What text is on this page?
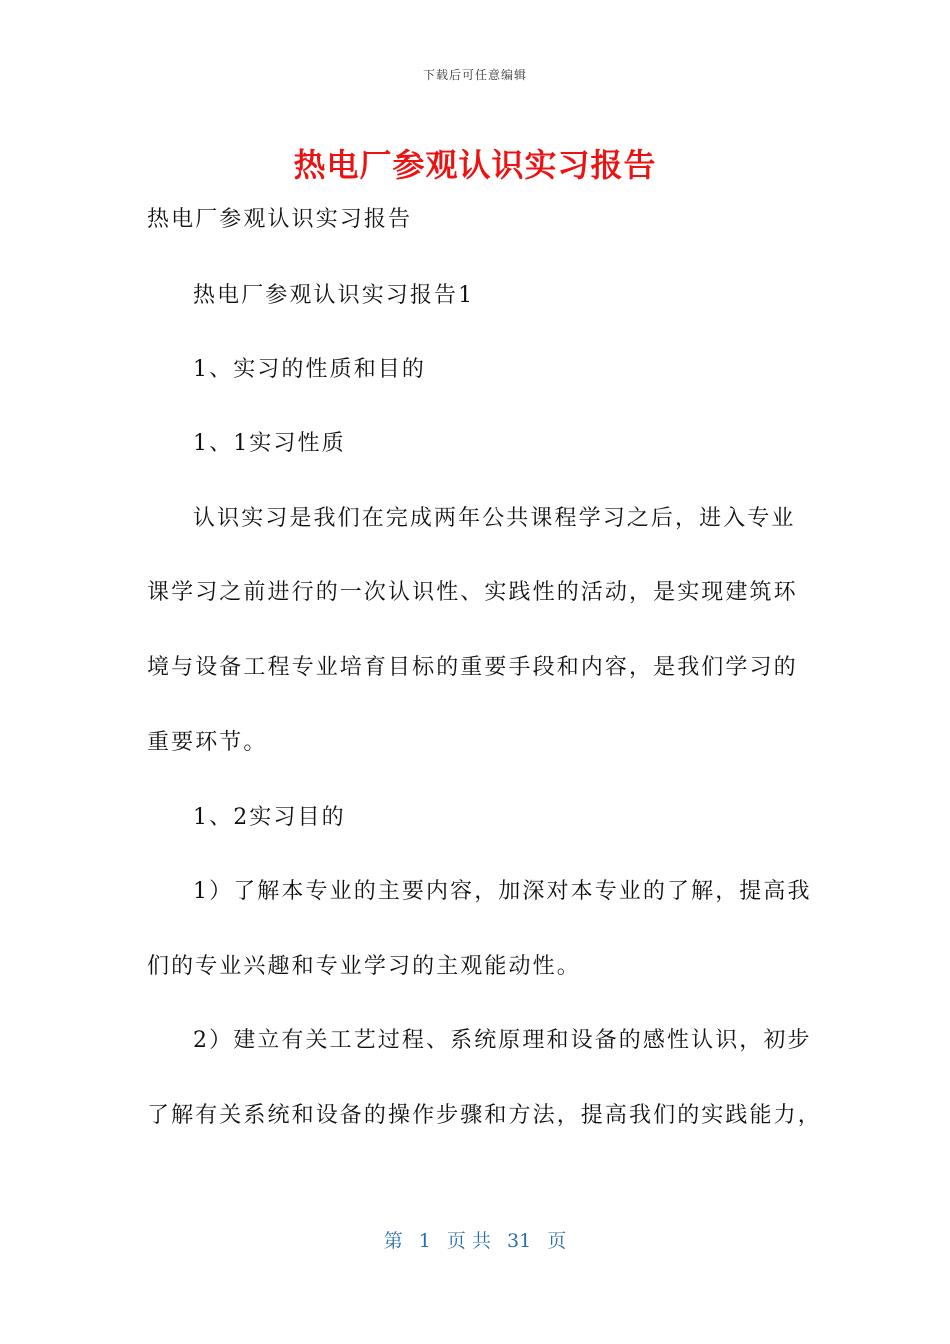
下载后可任意编辑
热电厂参观认识实习报告
热电厂参观认识实习报告
热电厂参观认识实习报告1
1、实习的性质和目的
1、1实习性质
认识实习是我们在完成两年公共课程学习之后，进入专业
课学习之前进行的一次认识性、实践性的活动，是实现建筑环
境与设备工程专业培育目标的重要手段和内容，是我们学习的
重要环节。
1、2实习目的
1）了解本专业的主要内容，加深对本专业的了解，提高我
们的专业兴趣和专业学习的主观能动性。
2）建立有关工艺过程、系统原理和设备的感性认识，初步
了解有关系统和设备的操作步骤和方法，提高我们的实践能力，
第 1 页 共 31 页
